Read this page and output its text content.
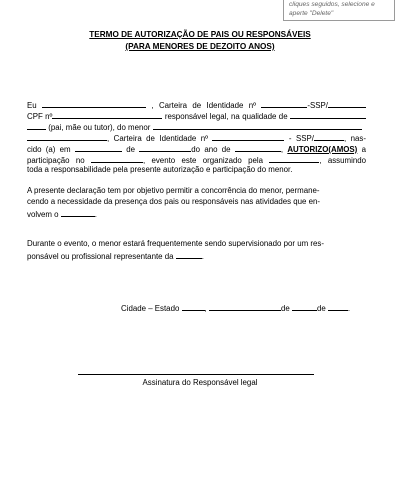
cliques seguidos, selecione e
aperte "Delete"
TERMO DE AUTORIZAÇÃO DE PAIS OU RESPONSÁVEIS
(PARA MENORES DE DEZOITO ANOS)
Eu	, Carteira de Identidade nº	-SSP/
CPF nº	responsável legal, na qualidade de
(pai, mãe ou tutor), do menor
, Carteira de Identidade nº	- SSP/	, nas-
cido (a) em	de	do ano de	, AUTORIZO(AMOS) a
participação no	, evento este organizado pela	, assumindo
toda a responsabilidade pela presente autorização e participação do menor.
A presente declaração tem por objetivo permitir a concorrência do menor, permane-
cendo a necessidade da presença dos pais ou responsáveis nas atividades que en-
volvem o	.
Durante o evento, o menor estará frequentemente sendo supervisionado por um res-
ponsável ou profissional representante da	.
Cidade – Estado	,	de	de	.
Assinatura do Responsável legal
